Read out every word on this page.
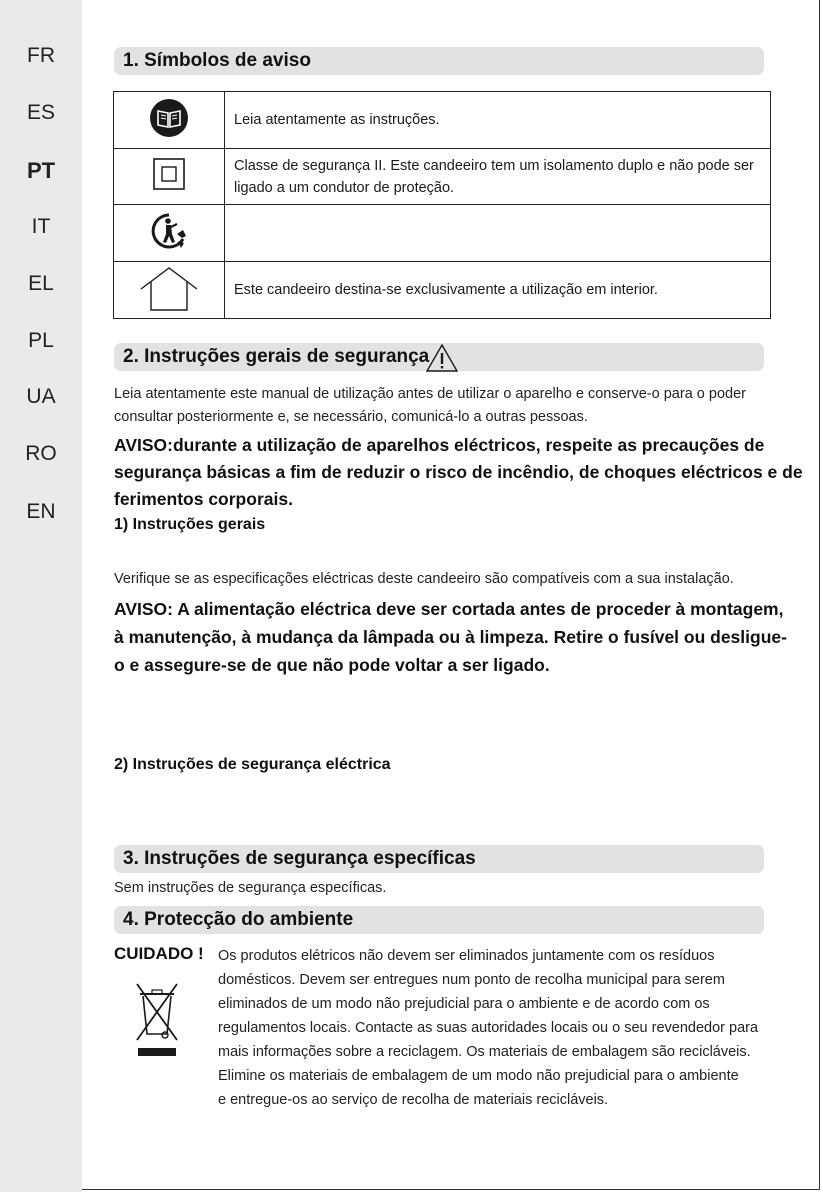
FR
ES
PT
IT
EL
PL
UA
RO
EN
1. Símbolos de aviso
	Leia atentamente as instruções.
	Classe de segurança II. Este candeeiro tem um isolamento duplo e não pode ser ligado a um condutor de proteção.

	Este candeeiro destina-se exclusivamente a utilização em interior.
2. Instruções gerais de segurança
Leia atentamente este manual de utilização antes de utilizar o aparelho e conserve-o para o poder
consultar posteriormente e, se necessário, comunicá-lo a outras pessoas.
AVISO:durante a utilização de aparelhos eléctricos, respeite as precauções de
segurança básicas a fim de reduzir o risco de incêndio, de choques eléctricos e de
ferimentos corporais.
1) Instruções gerais
Verifique se as especificações eléctricas deste candeeiro são compatíveis com a sua instalação.
AVISO: A alimentação eléctrica deve ser cortada antes de proceder à montagem,
à manutenção, à mudança da lâmpada ou à limpeza. Retire o fusível ou desligue-
o e assegure-se de que não pode voltar a ser ligado.
2) Instruções de segurança eléctrica
3. Instruções de segurança específicas
Sem instruções de segurança específicas.
4. Protecção do ambiente
CUIDADO ! Os produtos elétricos não devem ser eliminados juntamente com os resíduos
domésticos. Devem ser entregues num ponto de recolha municipal para serem
eliminados de um modo não prejudicial para o ambiente e de acordo com os
regulamentos locais. Contacte as suas autoridades locais ou o seu revendedor para
mais informações sobre a reciclagem. Os materiais de embalagem são recicláveis.
Elimine os materiais de embalagem de um modo não prejudicial para o ambiente
e entregue-os ao serviço de recolha de materiais recicláveis.
